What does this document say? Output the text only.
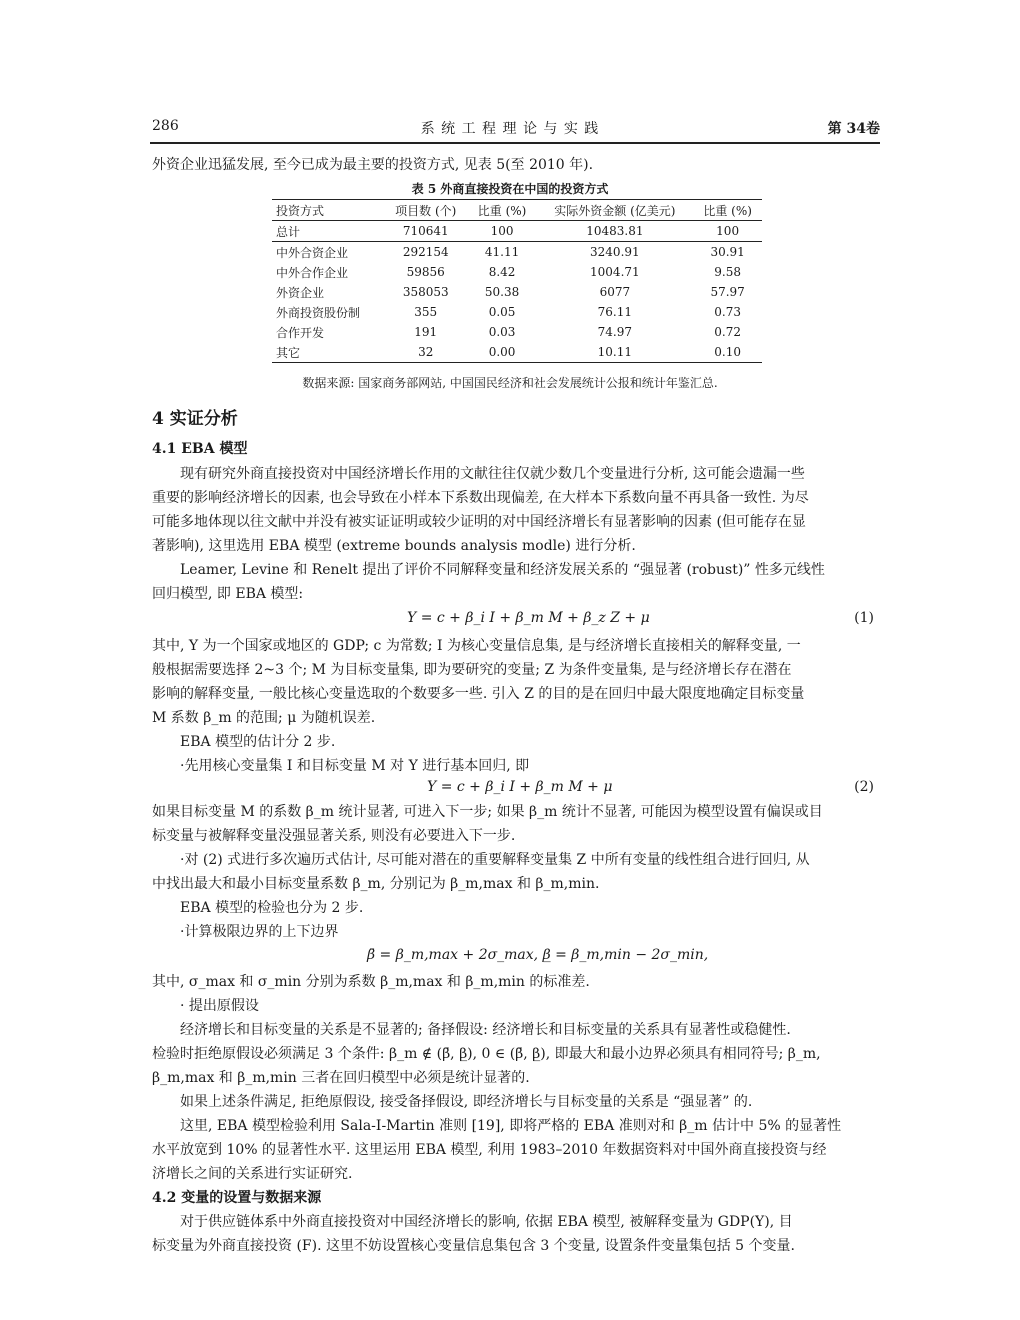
286	系 统 工 程 理 论 与 实 践	第 34卷
外资企业迅猛发展, 至今已成为最主要的投资方式, 见表 5(至 2010 年).
表 5 外商直接投资在中国的投资方式
投资方式	项目数 (个)	比重 (%)	实际外资金额 (亿美元)	比重 (%)
总计	710641	100	10483.81	100
中外合资企业	292154	41.11	3240.91	30.91
中外合作企业	59856	8.42	1004.71	9.58
外资企业	358053	50.38	6077	57.97
外商投资股份制	355	0.05	76.11	0.73
合作开发	191	0.03	74.97	0.72
其它	32	0.00	10.11	0.10
数据来源: 国家商务部网站, 中国国民经济和社会发展统计公报和统计年鉴汇总.
4 实证分析
4.1 EBA 模型
现有研究外商直接投资对中国经济增长作用的文献往往仅就少数几个变量进行分析, 这可能会遗漏一些
重要的影响经济增长的因素, 也会导致在小样本下系数出现偏差, 在大样本下系数向量不再具备一致性. 为尽
可能多地体现以往文献中并没有被实证证明或较少证明的对中国经济增长有显著影响的因素 (但可能存在显
著影响), 这里选用 EBA 模型 (extreme bounds analysis modle) 进行分析.
Leamer, Levine 和 Renelt 提出了评价不同解释变量和经济发展关系的 “强显著 (robust)” 性多元线性
回归模型, 即 EBA 模型:
Y = c + β_i I + β_m M + β_z Z + μ	(1)
其中, Y 为一个国家或地区的 GDP; c 为常数; I 为核心变量信息集, 是与经济增长直接相关的解释变量, 一
般根据需要选择 2~3 个; M 为目标变量集, 即为要研究的变量; Z 为条件变量集, 是与经济增长存在潜在
影响的解释变量, 一般比核心变量选取的个数要多一些. 引入 Z 的目的是在回归中最大限度地确定目标变量
M 系数 β_m 的范围; μ 为随机误差.
EBA 模型的估计分 2 步.
·先用核心变量集 I 和目标变量 M 对 Y 进行基本回归, 即
Y = c + β_i I + β_m M + μ	(2)
如果目标变量 M 的系数 β_m 统计显著, 可进入下一步; 如果 β_m 统计不显著, 可能因为模型设置有偏误或目
标变量与被解释变量没强显著关系, 则没有必要进入下一步.
·对 (2) 式进行多次遍历式估计, 尽可能对潜在的重要解释变量集 Z 中所有变量的线性组合进行回归, 从
中找出最大和最小目标变量系数 β_m, 分别记为 β_m,max 和 β_m,min.
EBA 模型的检验也分为 2 步.
·计算极限边界的上下边界
β̄ = β_m,max + 2σ_max, β̲ = β_m,min − 2σ_min,
其中, σ_max 和 σ_min 分别为系数 β_m,max 和 β_m,min 的标准差.
· 提出原假设
经济增长和目标变量的关系是不显著的; 备择假设: 经济增长和目标变量的关系具有显著性或稳健性.
检验时拒绝原假设必须满足 3 个条件: β_m ∉ (β̄, β̲), 0 ∈ (β̄, β̲), 即最大和最小边界必须具有相同符号; β_m,
β_m,max 和 β_m,min 三者在回归模型中必须是统计显著的.
如果上述条件满足, 拒绝原假设, 接受备择假设, 即经济增长与目标变量的关系是 “强显著” 的.
这里, EBA 模型检验利用 Sala-I-Martin 准则 [19], 即将严格的 EBA 准则对和 β_m 估计中 5% 的显著性
水平放宽到 10% 的显著性水平. 这里运用 EBA 模型, 利用 1983–2010 年数据资料对中国外商直接投资与经
济增长之间的关系进行实证研究.
4.2 变量的设置与数据来源
对于供应链体系中外商直接投资对中国经济增长的影响, 依据 EBA 模型, 被解释变量为 GDP(Y), 目
标变量为外商直接投资 (F). 这里不妨设置核心变量信息集包含 3 个变量, 设置条件变量集包括 5 个变量.
